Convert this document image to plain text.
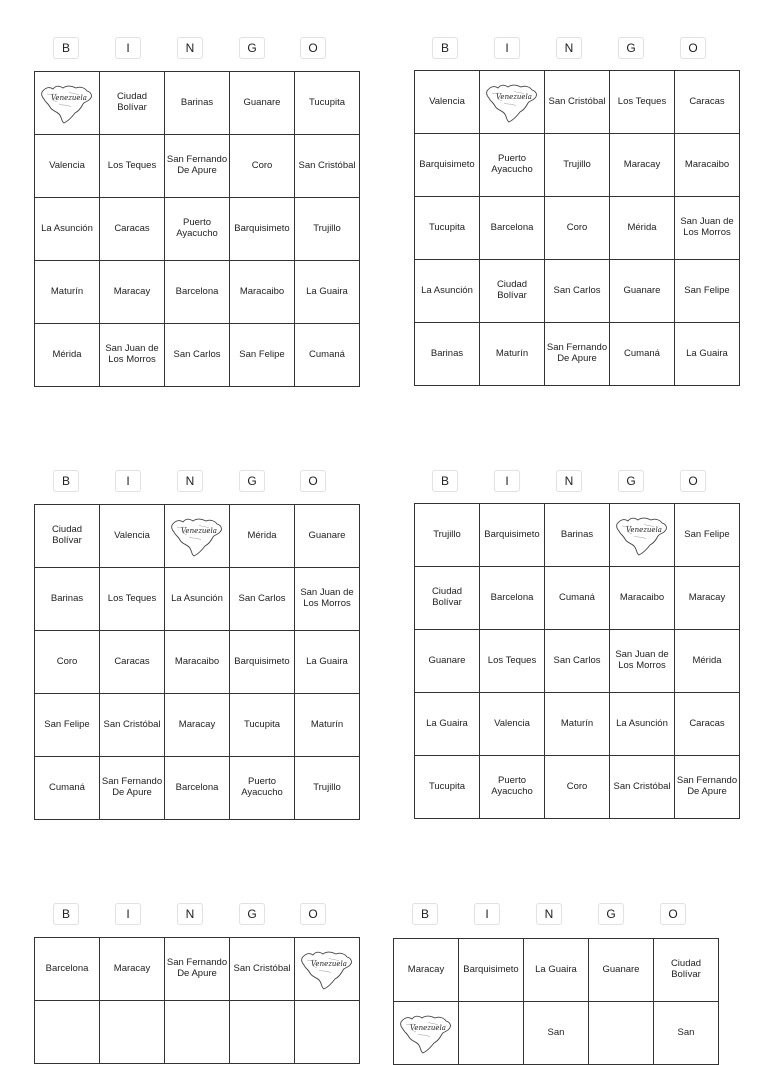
B	I	N	G	O
Venezuela	Ciudad Bolívar	Barinas	Guanare	Tucupita
Valencia	Los Teques	San Fernando De Apure	Coro	San Cristóbal
La Asunción	Caracas	Puerto Ayacucho	Barquisimeto	Trujillo
Maturín	Maracay	Barcelona	Maracaibo	La Guaira
Mérida	San Juan de Los Morros	San Carlos	San Felipe	Cumaná
B	I	N	G	O
Valencia	Venezuela	San Cristóbal	Los Teques	Caracas
Barquisimeto	Puerto Ayacucho	Trujillo	Maracay	Maracaibo
Tucupita	Barcelona	Coro	Mérida	San Juan de Los Morros
La Asunción	Ciudad Bolívar	San Carlos	Guanare	San Felipe
Barinas	Maturín	San Fernando De Apure	Cumaná	La Guaira
B	I	N	G	O
Ciudad Bolívar	Valencia	Venezuela	Mérida	Guanare
Barinas	Los Teques	La Asunción	San Carlos	San Juan de Los Morros
Coro	Caracas	Maracaibo	Barquisimeto	La Guaira
San Felipe	San Cristóbal	Maracay	Tucupita	Maturín
Cumaná	San Fernando De Apure	Barcelona	Puerto Ayacucho	Trujillo
B	I	N	G	O
Trujillo	Barquisimeto	Barinas	Venezuela	San Felipe
Ciudad Bolívar	Barcelona	Cumaná	Maracaibo	Maracay
Guanare	Los Teques	San Carlos	San Juan de Los Morros	Mérida
La Guaira	Valencia	Maturín	La Asunción	Caracas
Tucupita	Puerto Ayacucho	Coro	San Cristóbal	San Fernando De Apure
B	I	N	G	O
Barcelona	Maracay	San Fernando De Apure	San Cristóbal	Venezuela

B	I	N	G	O
Maracay	Barquisimeto	La Guaira	Guanare	Ciudad Bolívar

Venezuela		San		San
